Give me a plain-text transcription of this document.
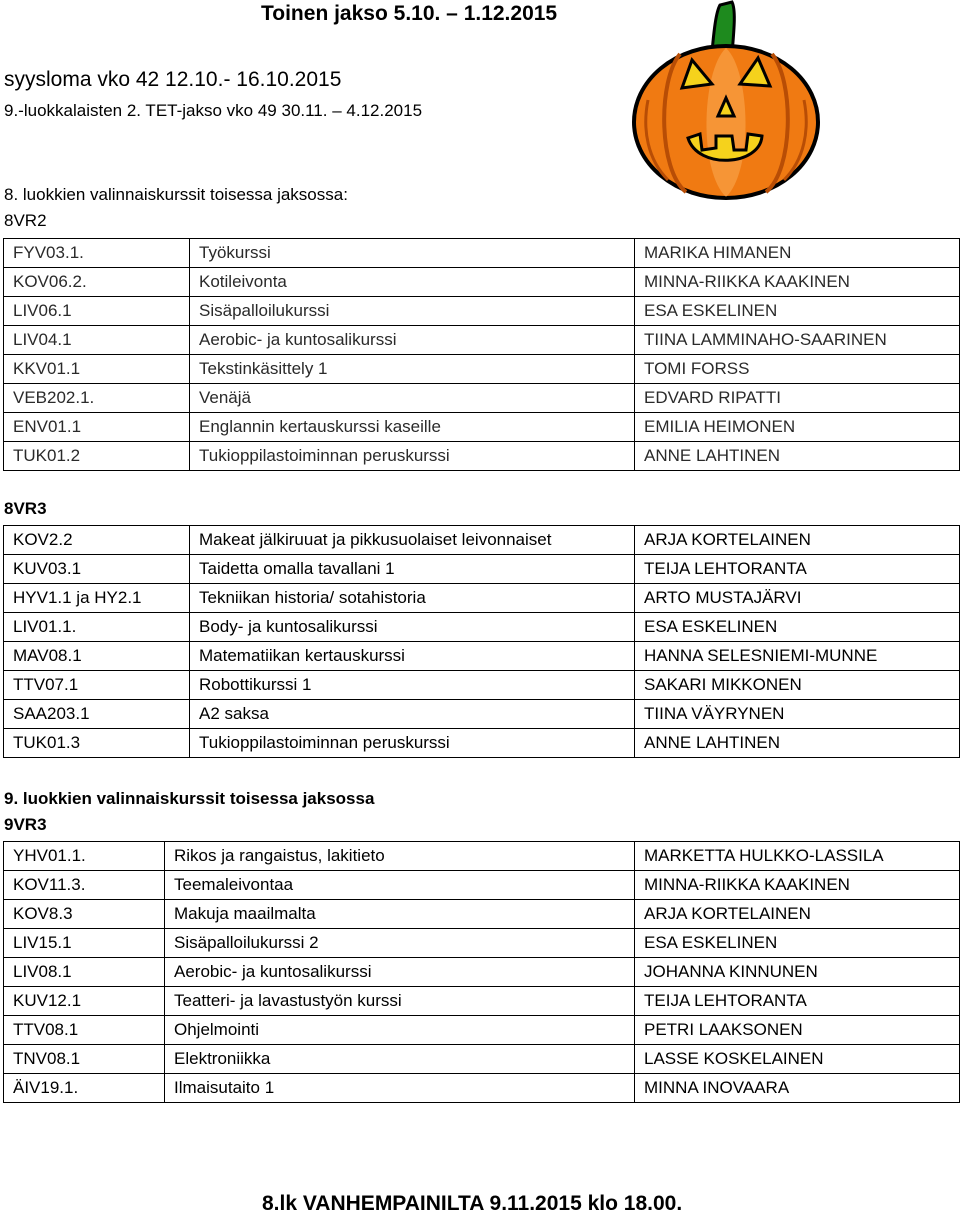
Toinen jakso 5.10. – 1.12.2015
syysloma vko 42 12.10.- 16.10.2015
9.-luokkalaisten 2. TET-jakso vko 49 30.11. – 4.12.2015
8. luokkien valinnaiskurssit toisessa jaksossa:
8VR2
FYV03.1.	Työkurssi	MARIKA HIMANEN
KOV06.2.	Kotileivonta	MINNA-RIIKKA KAAKINEN
LIV06.1	Sisäpalloilukurssi	ESA ESKELINEN
LIV04.1	Aerobic- ja kuntosalikurssi	TIINA LAMMINAHO-SAARINEN
KKV01.1	Tekstinkäsittely 1	TOMI FORSS
VEB202.1.	Venäjä	EDVARD RIPATTI
ENV01.1	Englannin kertauskurssi kaseille	EMILIA HEIMONEN
TUK01.2	Tukioppilastoiminnan peruskurssi	ANNE LAHTINEN
8VR3
KOV2.2	Makeat jälkiruuat ja pikkusuolaiset leivonnaiset	ARJA KORTELAINEN
KUV03.1	Taidetta omalla tavallani 1	TEIJA LEHTORANTA
HYV1.1 ja HY2.1	Tekniikan historia/ sotahistoria	ARTO MUSTAJÄRVI
LIV01.1.	Body- ja kuntosalikurssi	ESA ESKELINEN
MAV08.1	Matematiikan kertauskurssi	HANNA SELESNIEMI-MUNNE
TTV07.1	Robottikurssi 1	SAKARI MIKKONEN
SAA203.1	A2 saksa	TIINA VÄYRYNEN
TUK01.3	Tukioppilastoiminnan peruskurssi	ANNE LAHTINEN
9. luokkien valinnaiskurssit toisessa jaksossa
9VR3
YHV01.1.	Rikos ja rangaistus, lakitieto	MARKETTA HULKKO-LASSILA
KOV11.3.	Teemaleivontaa	MINNA-RIIKKA KAAKINEN
KOV8.3	Makuja maailmalta	ARJA KORTELAINEN
LIV15.1	Sisäpalloilukurssi 2	ESA ESKELINEN
LIV08.1	Aerobic- ja kuntosalikurssi	JOHANNA KINNUNEN
KUV12.1	Teatteri- ja lavastustyön kurssi	TEIJA LEHTORANTA
TTV08.1	Ohjelmointi	PETRI LAAKSONEN
TNV08.1	Elektroniikka	LASSE KOSKELAINEN
ÄIV19.1.	Ilmaisutaito 1	MINNA INOVAARA
8.lk VANHEMPAINILTA 9.11.2015 klo 18.00.
